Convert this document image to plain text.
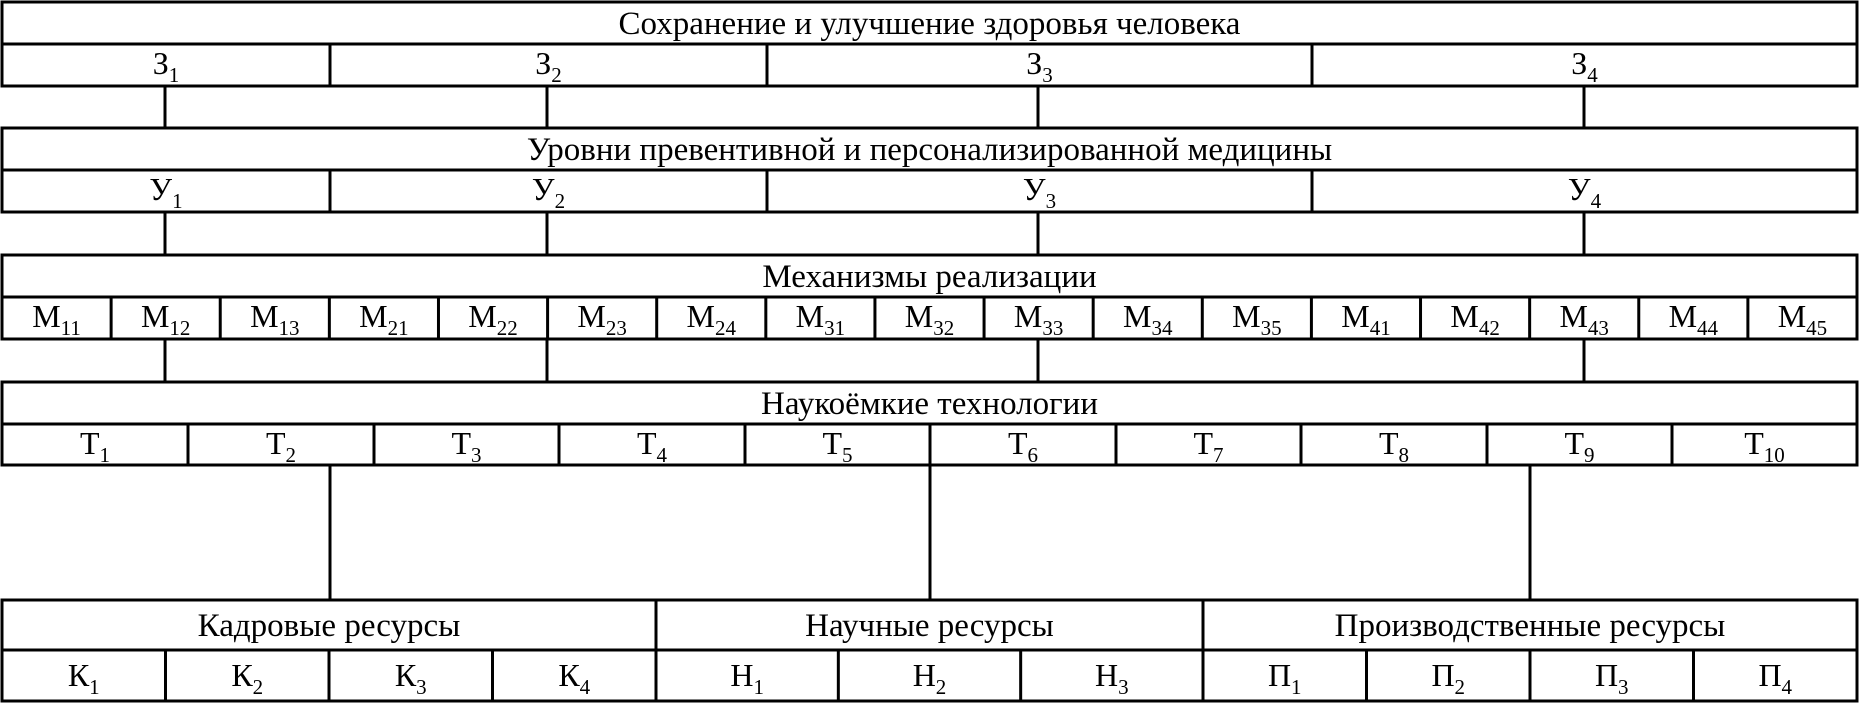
Сохранение и улучшение здоровья человека
$З_1$	$З_2$	$З_3$	$З_4$
Уровни превентивной и персонализированной медицины
$У_1$	$У_2$	$У_3$	$У_4$
Механизмы реализации
$М_{11}$ $М_{12}$ $М_{13}$ $М_{21}$ $М_{22}$ $М_{23}$ $М_{24}$ $М_{31}$ $М_{32}$ $М_{33}$ $М_{34}$ $М_{35}$ $М_{41}$ $М_{42}$ $М_{43}$ $М_{44}$ $М_{45}$
Наукоёмкие технологии
$Т_1$	$Т_2$	$Т_3$	$Т_4$	$Т_5$	$Т_6$	$Т_7$	$Т_8$	$Т_9$	$Т_{10}$
Кадровые ресурсы
$К_1$	$К_2$	$К_3$	$К_4$
Научные ресурсы
$Н_1$	$Н_2$	$Н_3$
Производственные ресурсы
$П_1$	$П_2$	$П_3$	$П_4$
